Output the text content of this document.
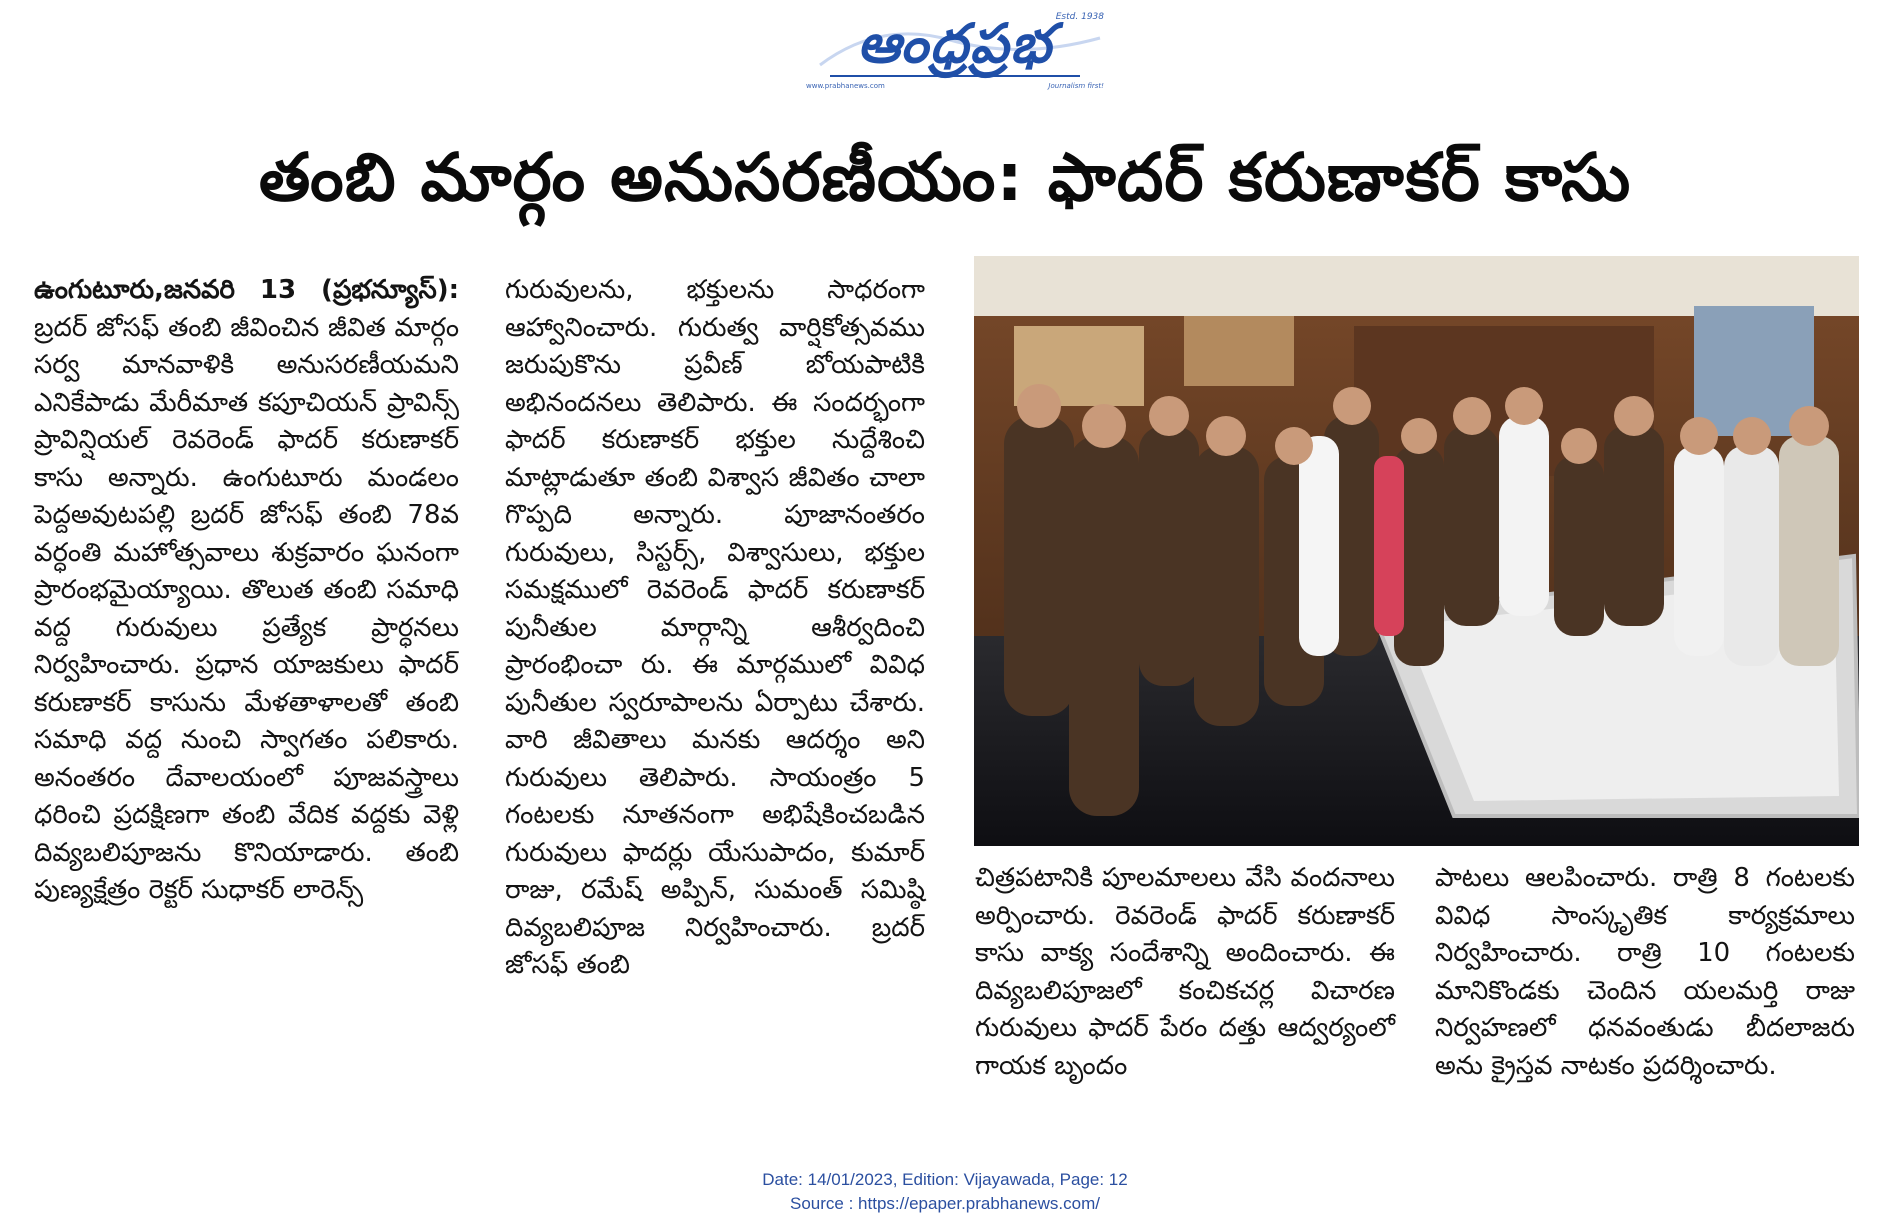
ఆంధ్రప్రభ Estd. 1938
www.prabhanews.com	Journalism first!
తంబి మార్గం అనుసరణీయం: ఫాదర్ కరుణాకర్ కాసు
ఉంగుటూరు,జనవరి 13 (ప్రభన్యూస్): బ్రదర్ జోసఫ్ తంబి జీవించిన జీవిత మార్గం సర్వ మానవాళికి అనుసరణీయమని ఎనికేపాడు మేరీమాత కపూచియన్ ప్రావిన్స్ ప్రావిన్షియల్ రెవరెండ్ ఫాదర్ కరుణాకర్ కాసు అన్నారు. ఉంగుటూరు మండలం పెద్దఅవుటపల్లి బ్రదర్ జోసఫ్ తంబి 78వ వర్ధంతి మహోత్సవాలు శుక్రవారం ఘనంగా ప్రారంభమైయ్యాయి. తొలుత తంబి సమాధి వద్ద గురువులు ప్రత్యేక ప్రార్ధనలు నిర్వహించారు. ప్రధాన యాజకులు ఫాదర్ కరుణాకర్ కాసును మేళతాళాలతో తంబి సమాధి వద్ద నుంచి స్వాగతం పలికారు. అనంతరం దేవాలయంలో పూజవస్త్రాలు ధరించి ప్రదక్షిణగా తంబి వేదిక వద్దకు వెళ్లి దివ్యబలిపూజను కొనియాడారు. తంబి పుణ్యక్షేత్రం రెక్టర్ సుధాకర్ లారెన్స్
గురువులను, భక్తులను సాధరంగా ఆహ్వానించారు. గురుత్వ వార్షికోత్సవము జరుపుకొను ప్రవీణ్ బోయపాటికి అభినందనలు తెలిపారు. ఈ సందర్భంగా ఫాదర్ కరుణాకర్ భక్తుల నుద్దేశించి మాట్లాడుతూ తంబి విశ్వాస జీవితం చాలా గొప్పది అన్నారు. పూజానంతరం గురువులు, సిస్టర్స్, విశ్వాసులు, భక్తుల సమక్షములో రెవరెండ్ ఫాదర్ కరుణాకర్ పునీతుల మార్గాన్ని ఆశీర్వదించి ప్రారంభించా రు. ఈ మార్గములో వివిధ పునీతుల స్వరూపాలను ఏర్పాటు చేశారు. వారి జీవితాలు మనకు ఆదర్శం అని గురువులు తెలిపారు. సాయంత్రం 5 గంటలకు నూతనంగా అభిషేకించబడిన గురువులు ఫాదర్లు యేసుపాదం, కుమార్ రాజు, రమేష్ అప్పిన్, సుమంత్ సమిష్ఠి దివ్యబలిపూజ నిర్వహించారు. బ్రదర్ జోసఫ్ తంబి
చిత్రపటానికి పూలమాలలు వేసి వందనాలు అర్పించారు. రెవరెండ్ ఫాదర్ కరుణాకర్ కాసు వాక్య సందేశాన్ని అందించారు. ఈ దివ్యబలిపూజలో కంచికచర్ల విచారణ గురువులు ఫాదర్ పేరం దత్తు ఆద్వర్యంలో గాయక బృందం
పాటలు ఆలపించారు. రాత్రి 8 గంటలకు వివిధ సాంస్కృతిక కార్యక్రమాలు నిర్వహించారు. రాత్రి 10 గంటలకు మానికొండకు చెందిన యలమర్తి రాజు నిర్వహణలో ధనవంతుడు బీదలాజరు అను క్రైస్తవ నాటకం ప్రదర్శించారు.
Date: 14/01/2023, Edition: Vijayawada, Page: 12
Source : https://epaper.prabhanews.com/
